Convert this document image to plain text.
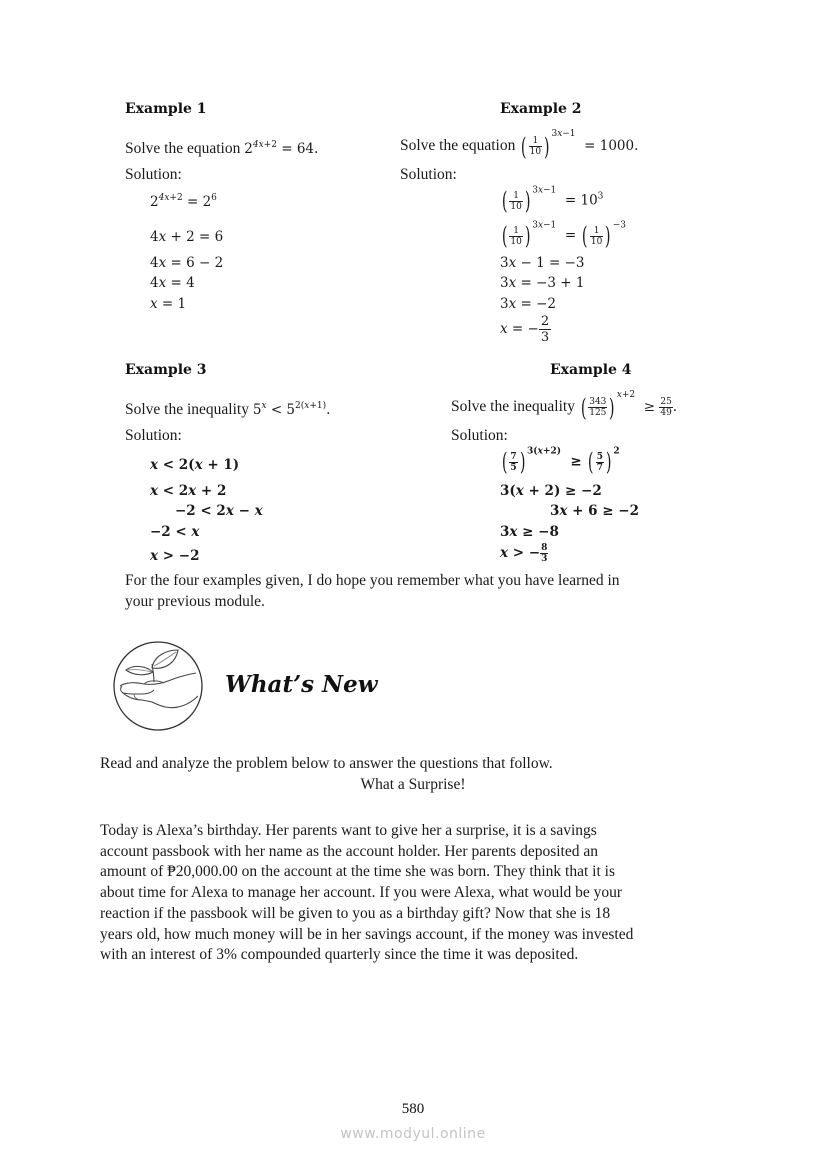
Example 1
Solve the equation $2^{4x+2} = 64$.
Solution:
$2^{4x+2} = 2^6$
4x + 2 = 6
4x = 6 − 2
4x = 4
x = 1
Example 2
Solve the equation ( $\frac{1}{10}$ ) $^{3x-1}$  = 1000.
Solution:
( $\frac{1}{10}$ ) $^{3x-1} = 10^3$
( $\frac{1}{10}$ ) $^{3x-1}$  = ( $\frac{1}{10}$ ) $^{-3}$
3x − 1 = −3
3x = −3 + 1
3x = −2
x = − $\frac{2}{3}$
Example 3
Solve the inequality $5^x < 5^{2(x+1)}$.
Solution:
x < 2(x + 1)
x < 2x + 2
−2 < 2x − x
−2 < x
x > −2
Example 4
Solve the inequality ( $\frac{343}{125}$ ) $^{x+2} \ge \frac{25}{49}$ .
Solution:
( $\frac{7}{5}$ ) $^{3(x+2)}$  ≥ ( $\frac{5}{7}$ ) $^2$
3(x + 2) ≥ −2
3x + 6 ≥ −2
3x ≥ −8
x > − $\frac{8}{3}$
For the four examples given, I do hope you remember what you have learned in
your previous module.
What’s New
Read and analyze the problem below to answer the questions that follow.
What a Surprise!
Today is Alexa’s birthday. Her parents want to give her a surprise, it is a savings
account passbook with her name as the account holder. Her parents deposited an
amount of ₱20,000.00 on the account at the time she was born. They think that it is
about time for Alexa to manage her account. If you were Alexa, what would be your
reaction if the passbook will be given to you as a birthday gift? Now that she is 18
years old, how much money will be in her savings account, if the money was invested
with an interest of 3% compounded quarterly since the time it was deposited.
580
www.modyul.online
